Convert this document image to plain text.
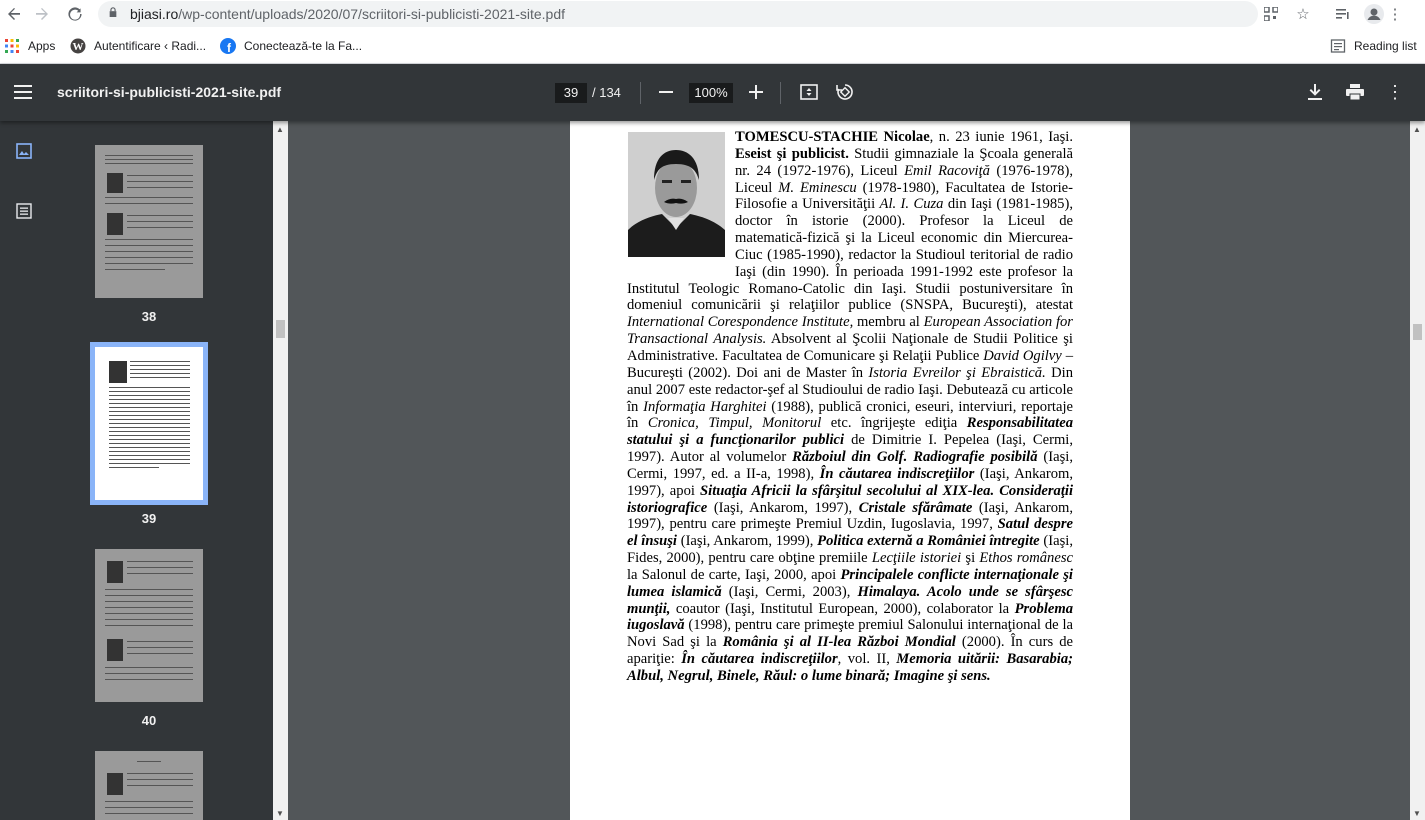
bjiasi.ro/wp-content/uploads/2020/07/scriitori-si-publicisti-2021-site.pdf	☆	⋮
Apps W Autentificare ‹ Radi... f Conectează-te la Fa...	Reading list
scriitori-si-publicisti-2021-site.pdf	39	/ 134	100%	⋮
38
39
40
▲
▼
TOMESCU-STACHIE Nicolae, n. 23 iunie 1961, Iaşi. Eseist şi publicist. Studii gimnaziale la Şcoala generală nr. 24 (1972-1976), Liceul Emil Racoviţă (1976-1978), Liceul M. Eminescu (1978-1980), Facultatea de Istorie-Filosofie a Universităţii Al. I. Cuza din Iaşi (1981-1985), doctor în istorie (2000). Profesor la Liceul de matematică-fizică şi la Liceul economic din Miercurea-Ciuc (1985-1990), redactor la Studioul teritorial de radio Iaşi (din 1990). În perioada 1991-1992 este profesor la Institutul Teologic Romano-Catolic din Iaşi. Studii postuniversitare în domeniul comunicării şi relaţiilor publice (SNSPA, Bucureşti), atestat International Corespondence Institute, membru al European Association for Transactional Analysis. Absolvent al Şcolii Naţionale de Studii Politice şi Administrative. Facultatea de Comunicare şi Relaţii Publice David Ogilvy – Bucureşti (2002). Doi ani de Master în Istoria Evreilor şi Ebraistică. Din anul 2007 este redactor-şef al Studioului de radio Iaşi. Debutează cu articole în Informaţia Harghitei (1988), publică cronici, eseuri, interviuri, reportaje în Cronica, Timpul, Monitorul etc. îngrijeşte ediţia Responsabilitatea statului şi a funcţionarilor publici de Dimitrie I. Pepelea (Iaşi, Cermi, 1997). Autor al volumelor Războiul din Golf. Radiografie posibilă (Iaşi, Cermi, 1997, ed. a II-a, 1998), În căutarea indiscreţiilor (Iaşi, Ankarom, 1997), apoi Situaţia Africii la sfârşitul secolului al XIX-lea. Consideraţii istoriografice (Iaşi, Ankarom, 1997), Cristale sfărâmate (Iaşi, Ankarom, 1997), pentru care primeşte Premiul Uzdin, Iugoslavia, 1997, Satul despre el însuşi (Iaşi, Ankarom, 1999), Politica externă a României întregite (Iaşi, Fides, 2000), pentru care obţine premiile Lecţiile istoriei şi Ethos românesc la Salonul de carte, Iaşi, 2000, apoi Principalele conflicte internaţionale şi lumea islamică (Iaşi, Cermi, 2003), Himalaya. Acolo unde se sfârşesc munţii, coautor (Iaşi, Institutul European, 2000), colaborator la Problema iugoslavă (1998), pentru care primeşte premiul Salonului internaţional de la Novi Sad şi la România şi al II-lea Război Mondial (2000). În curs de apariţie: În căutarea indiscreţiilor, vol. II, Memoria uitării: Basarabia; Albul, Negrul, Binele, Răul: o lume binară; Imagine şi sens.
▲
▼
